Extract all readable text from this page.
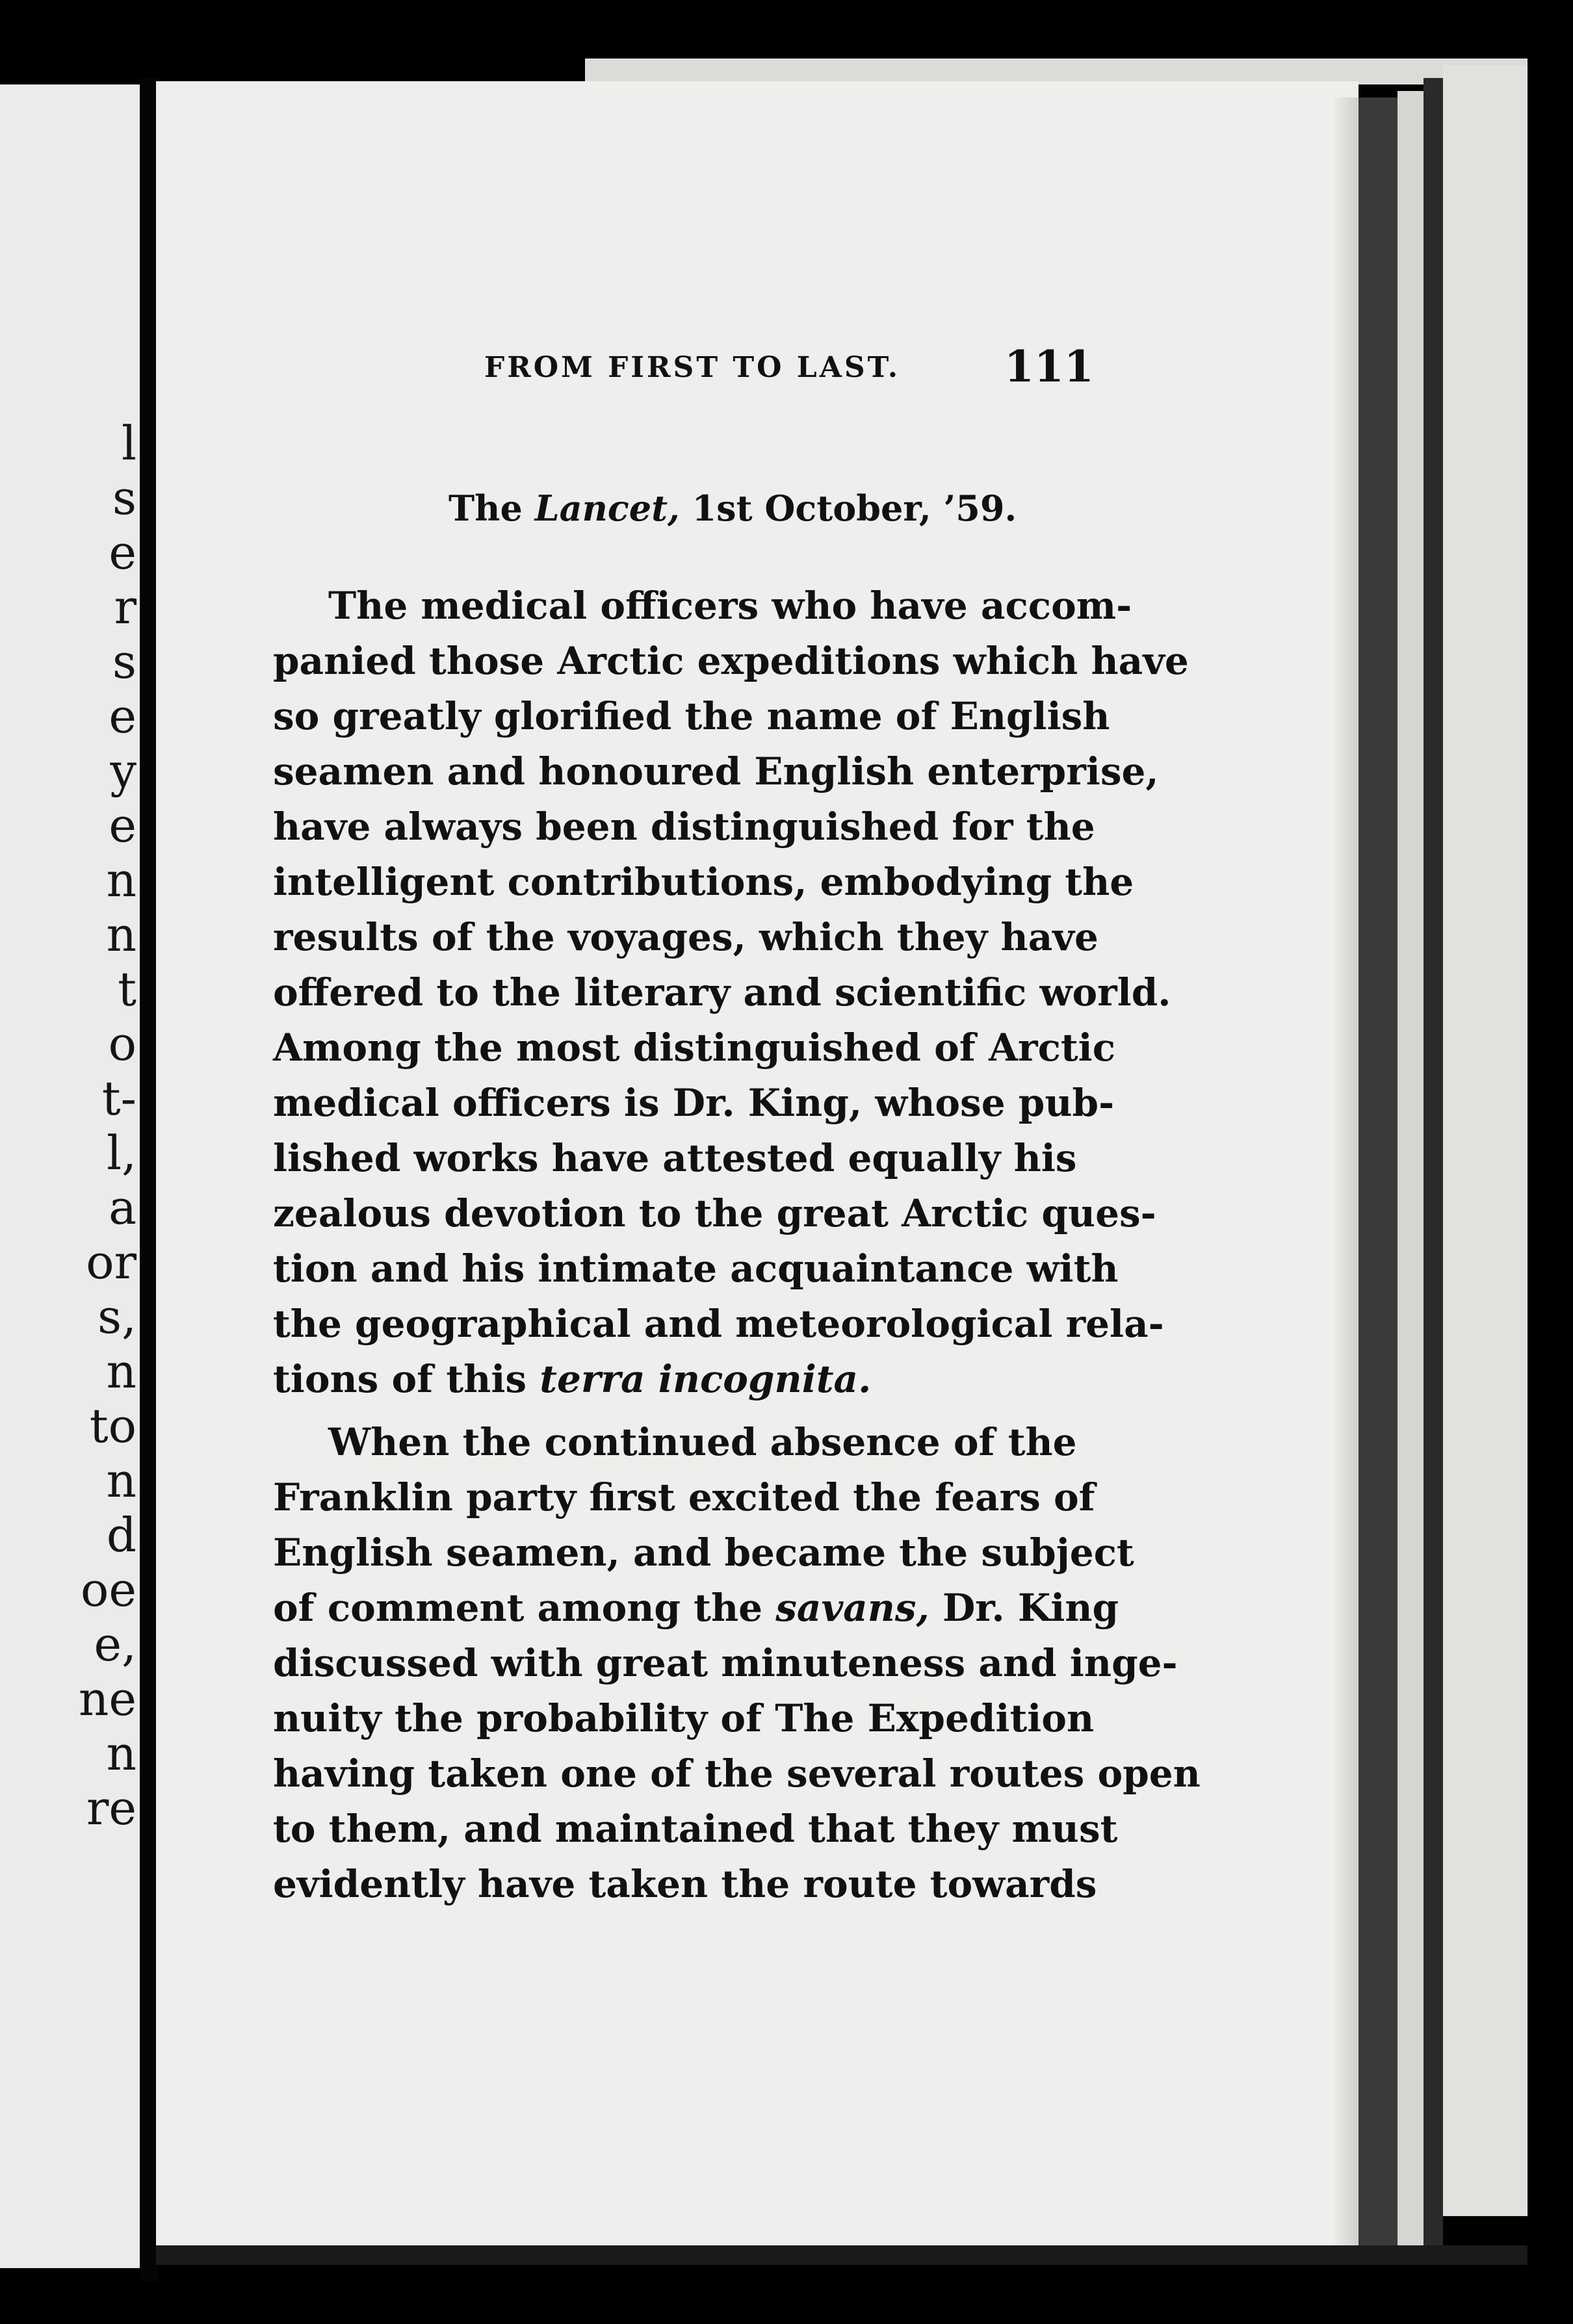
l
s
e
r
s
e
y
e
n
n
t
o
t-
l,
a
or
s,
n
to
n
d
oe
e,
ne
n
re
FROM FIRST TO LAST. 111
The Lancet, 1st October, ’59.
The medical officers who have accom-
panied those Arctic expeditions which have
so greatly glorified the name of English
seamen and honoured English enterprise,
have always been distinguished for the
intelligent contributions, embodying the
results of the voyages, which they have
offered to the literary and scientific world.
Among the most distinguished of Arctic
medical officers is Dr. King, whose pub-
lished works have attested equally his
zealous devotion to the great Arctic ques-
tion and his intimate acquaintance with
the geographical and meteorological rela-
tions of this terra incognita.
When the continued absence of the
Franklin party first excited the fears of
English seamen, and became the subject
of comment among the savans, Dr. King
discussed with great minuteness and inge-
nuity the probability of The Expedition
having taken one of the several routes open
to them, and maintained that they must
evidently have taken the route towards
